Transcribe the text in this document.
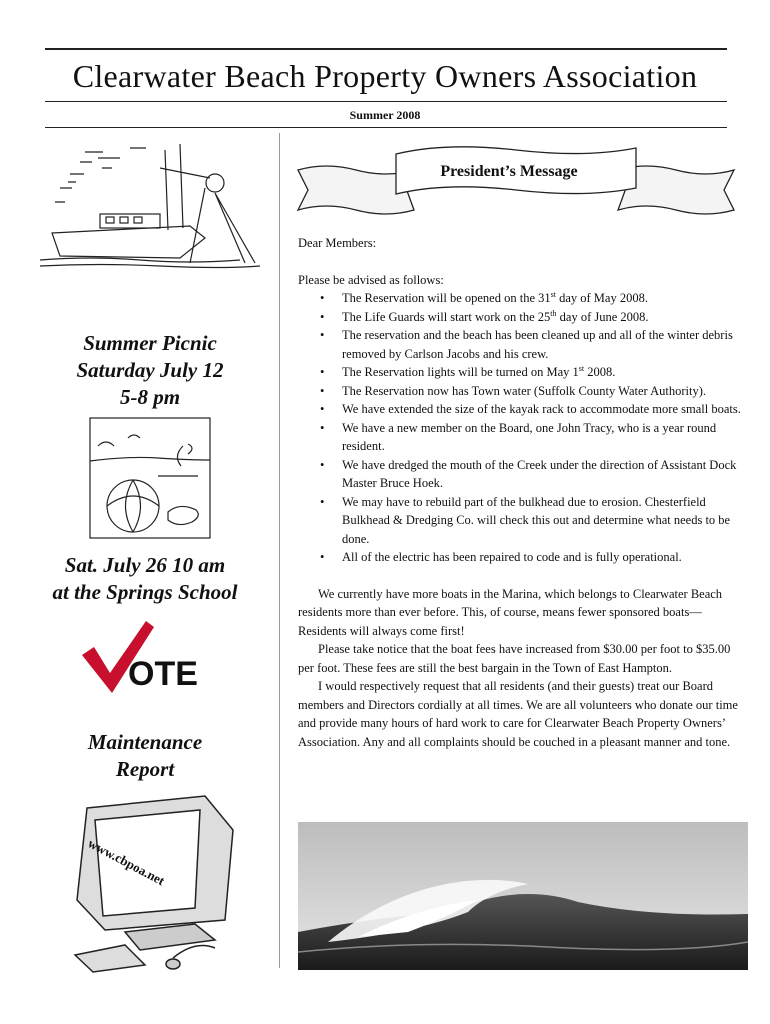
Clearwater Beach Property Owners Association
Summer 2008
Summer Picnic
Saturday July 12
5-8 pm
Sat. July 26 10 am
at the Springs School
OTE
Maintenance
Report
www.cbpoa.net
President’s Message

Dear Members:

Please be advised as follows:

• The Reservation will be opened on the 31st day of May 2008.
• The Life Guards will start work on the 25th day of June 2008.
• The reservation and the beach has been cleaned up and all of the winter debris removed by Carlson Jacobs and his crew.
• The Reservation lights will be turned on May 1st 2008.
• The Reservation now has Town water (Suffolk County Water Authority).
• We have extended the size of the kayak rack to accommodate more small boats.
• We have a new member on the Board, one John Tracy, who is a year round resident.
• We have dredged the mouth of the Creek under the direction of Assistant Dock Master Bruce Hoek.
• We may have to rebuild part of the bulkhead due to erosion. Chesterfield Bulkhead & Dredging Co. will check this out and determine what needs to be done.
• All of the electric has been repaired to code and is fully operational.

We currently have more boats in the Marina, which belongs to Clearwater Beach residents more than ever before. This, of course, means fewer sponsored boats—Residents will always come first!

Please take notice that the boat fees have increased from $30.00 per foot to $35.00 per foot. These fees are still the best bargain in the Town of East Hampton.

I would respectively request that all residents (and their guests) treat our Board members and Directors cordially at all times. We are all volunteers who donate our time and provide many hours of hard work to care for Clearwater Beach Property Owners’ Association. Any and all complaints should be couched in a pleasant manner and tone.
